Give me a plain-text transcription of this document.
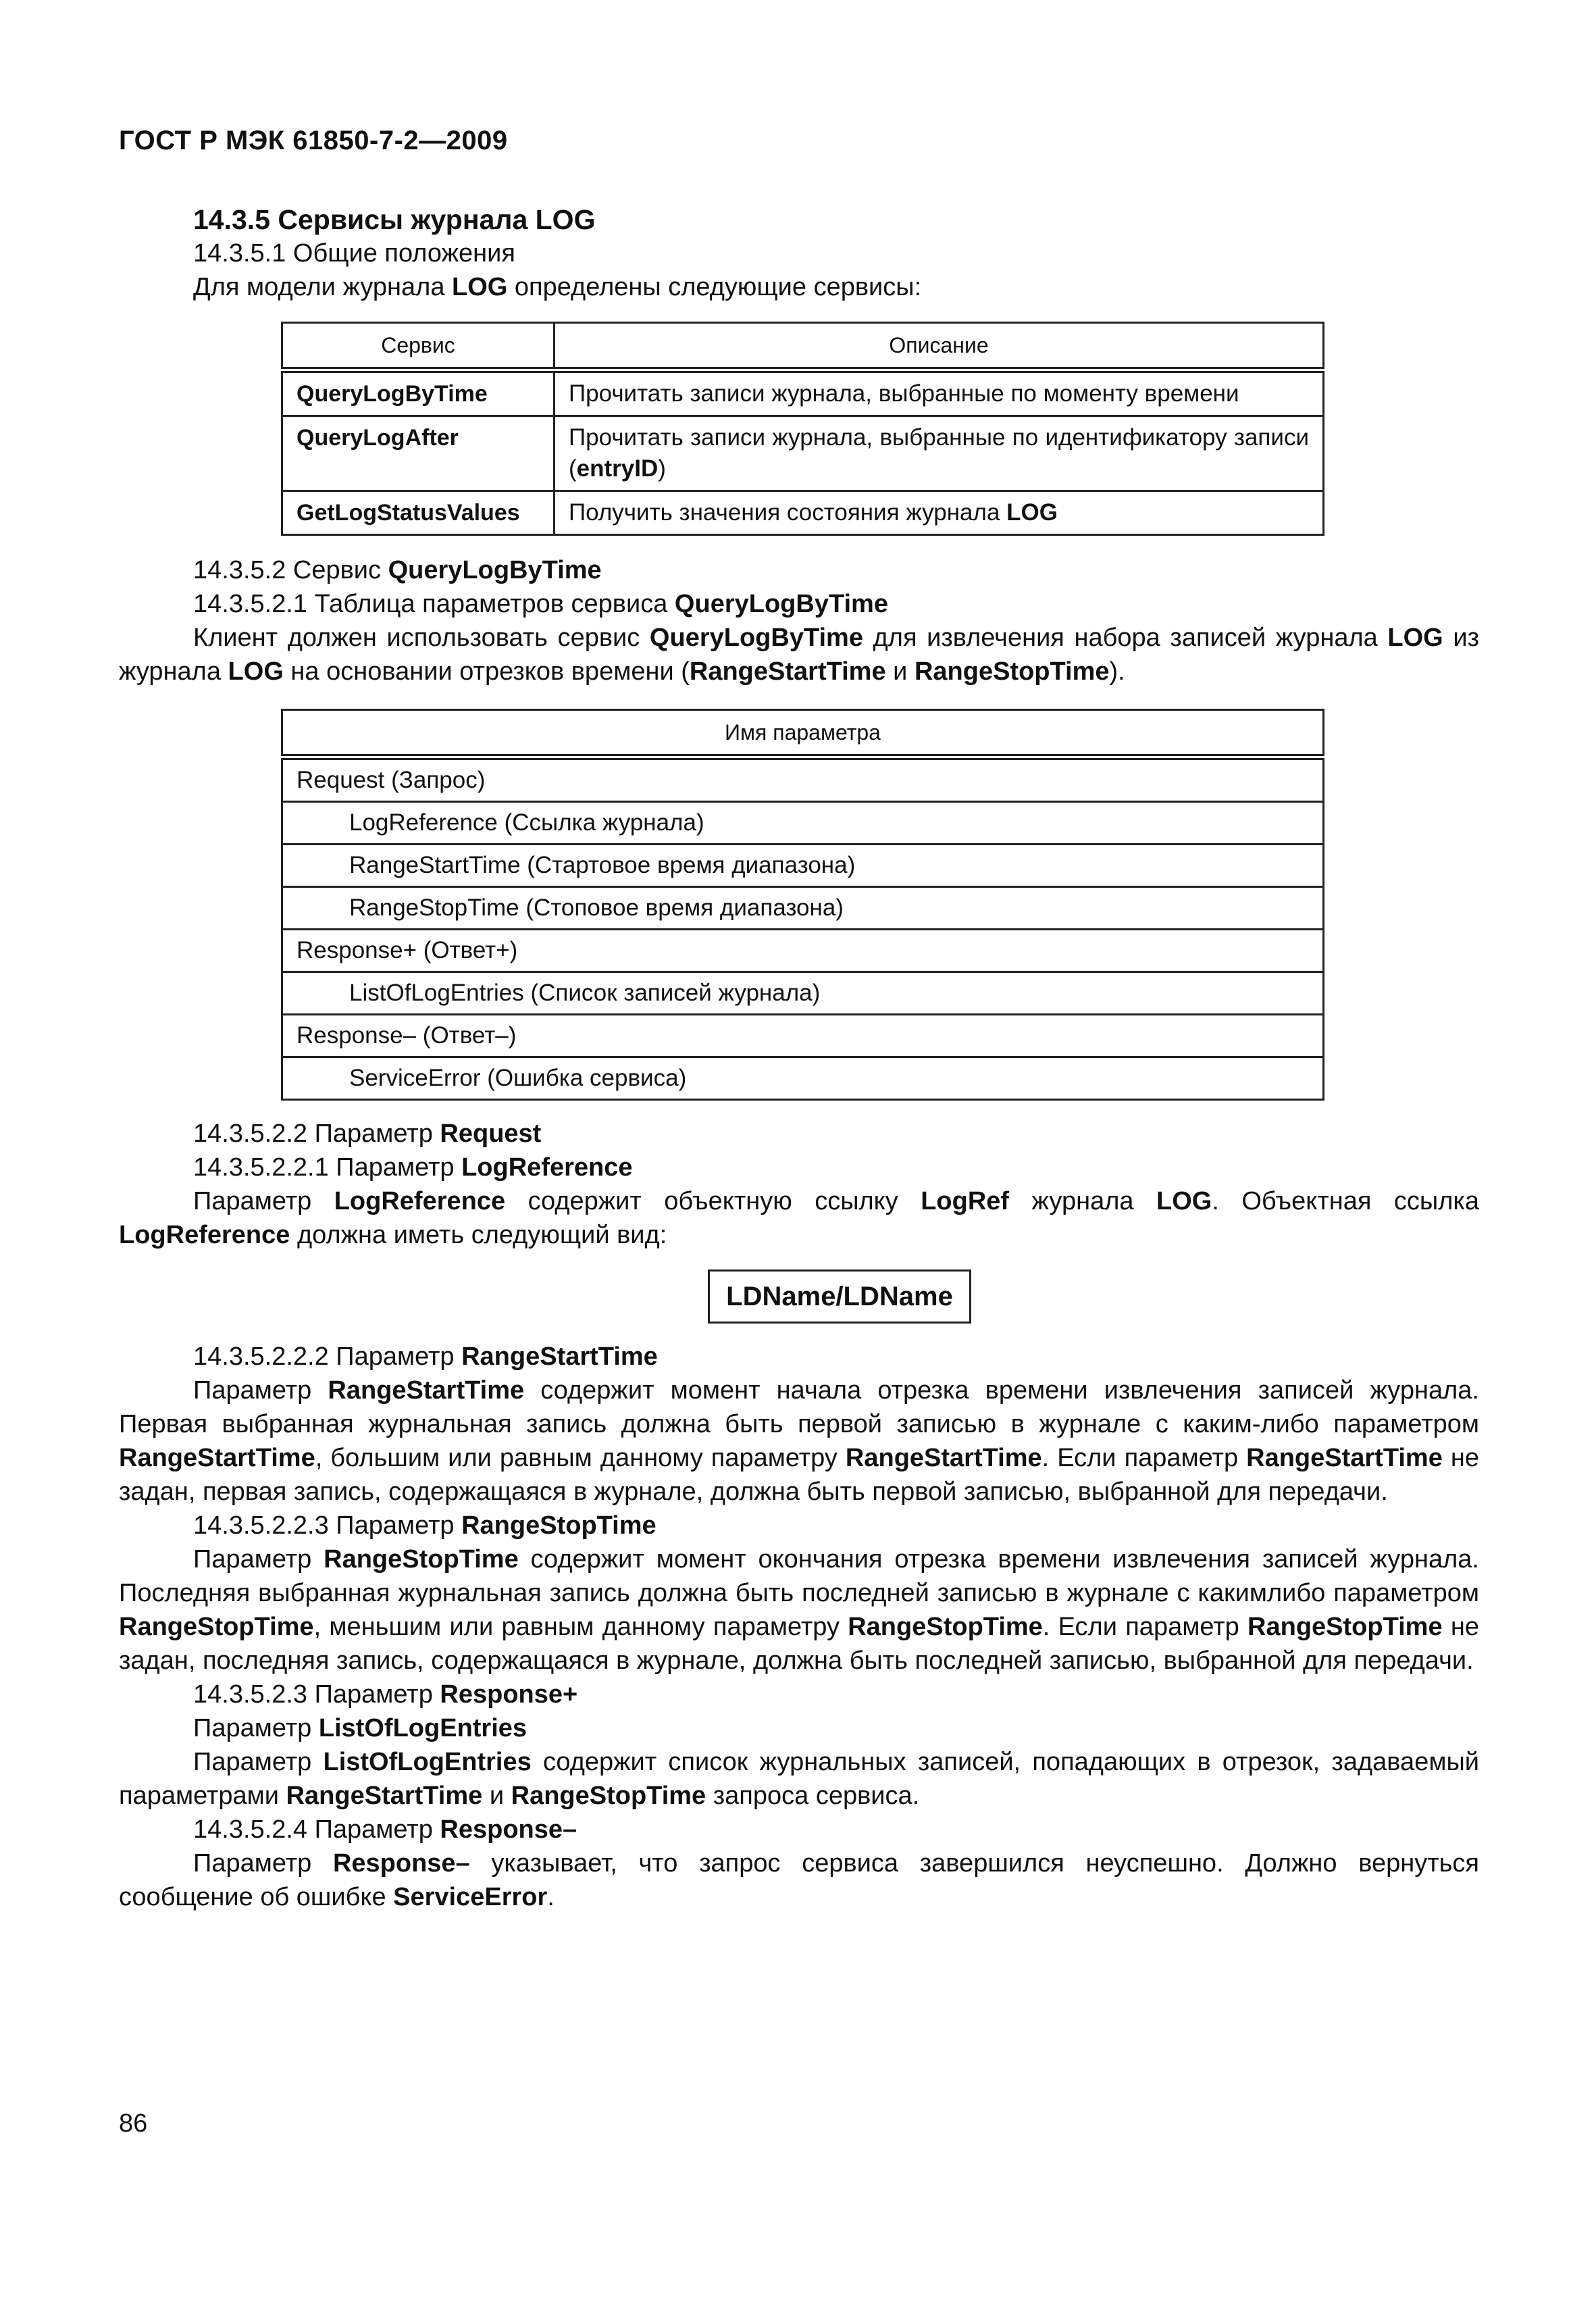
ГОСТ Р МЭК 61850-7-2—2009

14.3.5 Сервисы журнала LOG

14.3.5.1 Общие положения

Для модели журнала LOG определены следующие сервисы:

Сервис	Описание
QueryLogByTime	Прочитать записи журнала, выбранные по моменту времени
QueryLogAfter	Прочитать записи журнала, выбранные по идентификатору записи (entryID)
GetLogStatusValues	Получить значения состояния журнала LOG

14.3.5.2 Сервис QueryLogByTime

14.3.5.2.1 Таблица параметров сервиса QueryLogByTime

Клиент должен использовать сервис QueryLogByTime для извлечения набора записей журнала LOG из журнала LOG на основании отрезков времени (RangeStartTime и RangeStopTime).

Имя параметра
Request (Запрос)
LogReference (Ссылка журнала)
RangeStartTime (Стартовое время диапазона)
RangeStopTime (Стоповое время диапазона)
Response+ (Ответ+)
ListOfLogEntries (Список записей журнала)
Response– (Ответ–)
ServiceError (Ошибка сервиса)

14.3.5.2.2 Параметр Request

14.3.5.2.2.1 Параметр LogReference

Параметр LogReference содержит объектную ссылку LogRef журнала LOG. Объектная ссылка LogReference должна иметь следующий вид:

LDName/LDName

14.3.5.2.2.2 Параметр RangeStartTime

Параметр RangeStartTime содержит момент начала отрезка времени извлечения записей журнала. Первая выбранная журнальная запись должна быть первой записью в журнале с каким-либо параметром RangeStartTime, большим или равным данному параметру RangeStartTime. Если параметр RangeStartTime не задан, первая запись, содержащаяся в журнале, должна быть первой записью, выбранной для передачи.

14.3.5.2.2.3 Параметр RangeStopTime

Параметр RangeStopTime содержит момент окончания отрезка времени извлечения записей журнала. Последняя выбранная журнальная запись должна быть последней записью в журнале с какимлибо параметром RangeStopTime, меньшим или равным данному параметру RangeStopTime. Если параметр RangeStopTime не задан, последняя запись, содержащаяся в журнале, должна быть последней записью, выбранной для передачи.

14.3.5.2.3 Параметр Response+

Параметр ListOfLogEntries

Параметр ListOfLogEntries содержит список журнальных записей, попадающих в отрезок, задаваемый параметрами RangeStartTime и RangeStopTime запроса сервиса.

14.3.5.2.4 Параметр Response–

Параметр Response– указывает, что запрос сервиса завершился неуспешно. Должно вернуться сообщение об ошибке ServiceError.

86
